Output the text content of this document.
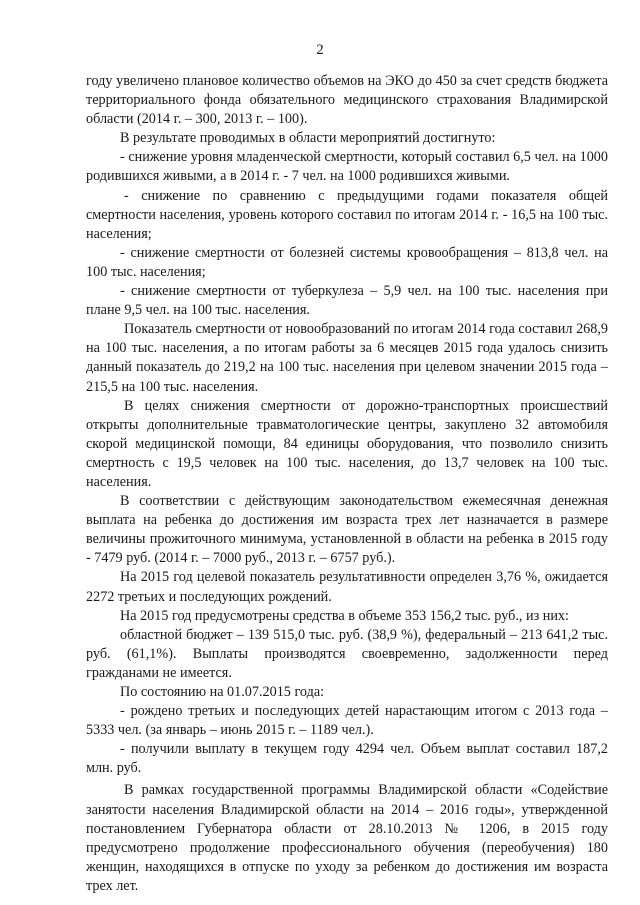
2

году увеличено плановое количество объемов на ЭКО до 450 за счет средств бюджета территориального фонда обязательного медицинского страхования Владимирской области (2014 г. – 300, 2013 г. – 100).

В результате проводимых в области мероприятий достигнуто:

- снижение уровня младенческой смертности, который составил 6,5 чел. на 1000 родившихся живыми, а в 2014 г. - 7 чел. на 1000 родившихся живыми.

- снижение по сравнению с предыдущими годами показателя общей смертности населения, уровень которого составил по итогам 2014 г. - 16,5 на 100 тыс. населения;

- снижение смертности от болезней системы кровообращения – 813,8 чел. на 100 тыс. населения;

- снижение смертности от туберкулеза – 5,9 чел. на 100 тыс. населения при плане 9,5 чел. на 100 тыс. населения.

Показатель смертности от новообразований по итогам 2014 года составил 268,9 на 100 тыс. населения, а по итогам работы за 6 месяцев 2015 года удалось снизить данный показатель до 219,2 на 100 тыс. населения при целевом значении 2015 года – 215,5 на 100 тыс. населения.

В целях снижения смертности от дорожно-транспортных происшествий открыты дополнительные травматологические центры, закуплено 32 автомобиля скорой медицинской помощи, 84 единицы оборудования, что позволило снизить смертность с 19,5 человек на 100 тыс. населения, до 13,7 человек на 100 тыс. населения.

В соответствии с действующим законодательством ежемесячная денежная выплата на ребенка до достижения им возраста трех лет назначается в размере величины прожиточного минимума, установленной в области на ребенка в 2015 году - 7479 руб. (2014 г. – 7000 руб., 2013 г. – 6757 руб.).

На 2015 год целевой показатель результативности определен 3,76 %, ожидается 2272 третьих и последующих рождений.

На 2015 год предусмотрены средства в объеме 353 156,2 тыс. руб., из них:

областной бюджет – 139 515,0 тыс. руб. (38,9 %), федеральный – 213 641,2 тыс. руб. (61,1%). Выплаты производятся своевременно, задолженности перед гражданами не имеется.

По состоянию на 01.07.2015 года:

- рождено третьих и последующих детей нарастающим итогом с 2013 года – 5333 чел. (за январь – июнь 2015 г. – 1189 чел.).

- получили выплату в текущем году 4294 чел. Объем выплат составил 187,2 млн. руб.

В рамках государственной программы Владимирской области «Содействие занятости населения Владимирской области на 2014 – 2016 годы», утвержденной постановлением Губернатора области от 28.10.2013 № 1206, в 2015 году предусмотрено продолжение профессионального обучения (переобучения) 180 женщин, находящихся в отпуске по уходу за ребенком до достижения им возраста трех лет.
